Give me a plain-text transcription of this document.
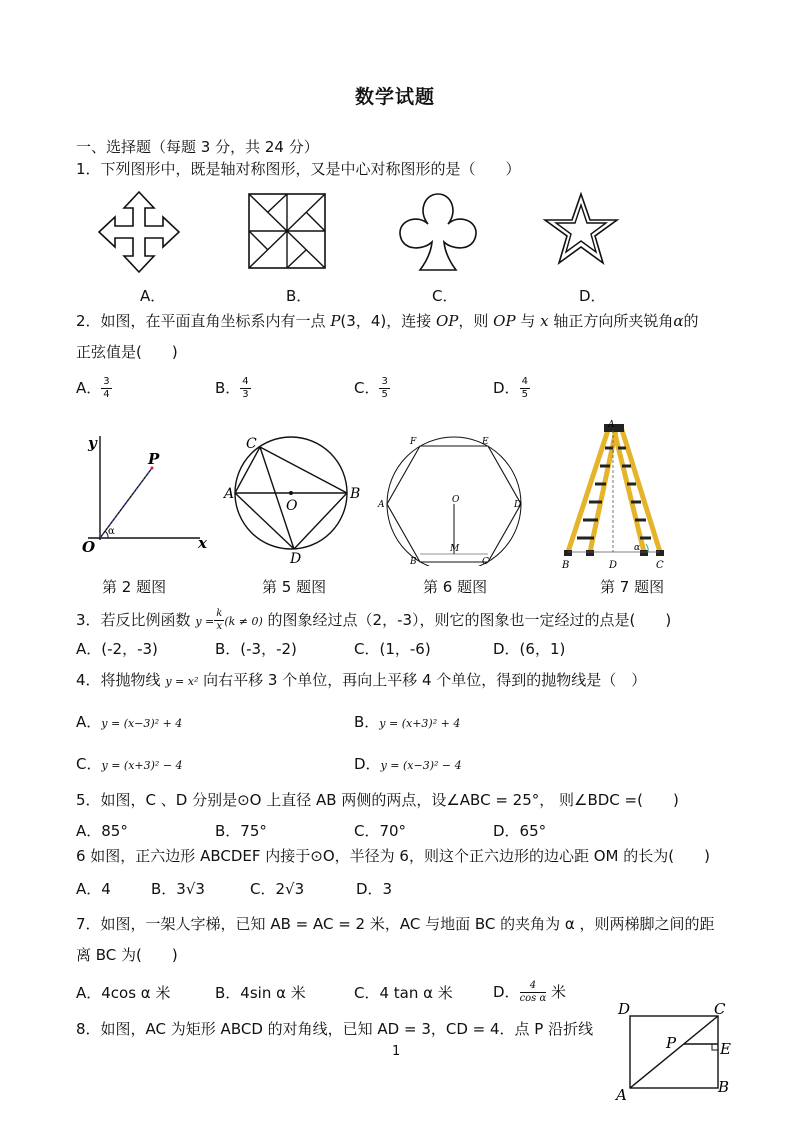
数学试题
一、选择题（每题 3 分，共 24 分）
1．下列图形中，既是轴对称图形，又是中心对称图形的是（　　）
A．	B．	C．	D．
2．如图，在平面直角坐标系内有一点 P(3，4)，连接 OP，则 OP 与 x 轴正方向所夹锐角α的
正弦值是(　　)
A． $\frac{3}{4}$	B． $\frac{4}{3}$	C． $\frac{3}{5}$	D． $\frac{4}{5}$
y
P
O	x
α
C
A
O
B
D
F	E
A	O	D
B
M
C
A
B	D	C
α
第 2 题图	第 5 题图	第 6 题图	第 7 题图
3．若反比例函数 $y = \frac{k}{x} (k \ne 0)$ 的图象经过点（2，-3），则它的图象也一定经过的点是(　　)
A．(-2，-3)	B．(-3，-2)	C．(1，-6)	D．(6，1)
4．将抛物线 y = x² 向右平移 3 个单位，再向上平移 4 个单位，得到的抛物线是（　）
A．y = (x−3)² + 4	B．y = (x+3)² + 4
C．y = (x+3)² − 4	D．y = (x−3)² − 4
5．如图，C 、D 分别是⊙O 上直径 AB 两侧的两点，设∠ABC = 25°， 则∠BDC =(　　)
A．85°	B．75°	C．70°	D．65°
6 如图，正六边形 ABCDEF 内接于⊙O，半径为 6，则这个正六边形的边心距 OM 的长为(　　)
A．4	B．3√3	C．2√3	D．3
7．如图，一架人字梯，已知 AB = AC = 2 米，AC 与地面 BC 的夹角为 α ，则两梯脚之间的距
离 BC 为(　　)
A．4cos α 米	B．4sin α 米	C．4 tan α 米	D． $\frac{4}{\text{cos α}}$ 米
8．如图，AC 为矩形 ABCD 的对角线，已知 AD = 3，CD = 4．点 P 沿折线
D	C
P	E
A	B
1
